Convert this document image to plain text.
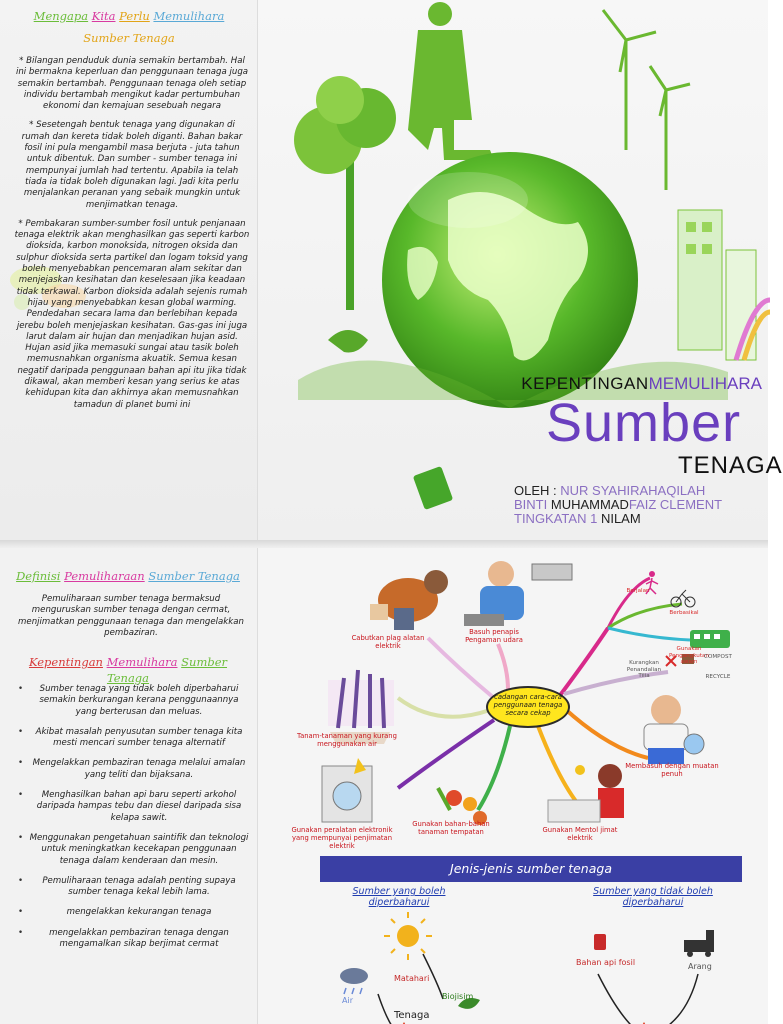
Mengapa Kita Perlu Memulihara
Sumber Tenaga

* Bilangan penduduk dunia semakin bertambah. Hal ini bermakna keperluan dan penggunaan tenaga juga semakin bertambah. Penggunaan tenaga oleh setiap individu bertambah mengikut kadar pertumbuhan ekonomi dan kemajuan sesebuah negara

* Sesetengah bentuk tenaga yang digunakan di rumah dan kereta tidak boleh diganti. Bahan bakar fosil ini pula mengambil masa berjuta - juta tahun untuk dibentuk. Dan sumber - sumber tenaga ini mempunyai jumlah had tertentu. Apabila ia telah tiada ia tidak boleh digunakan lagi. Jadi kita perlu menjalankan peranan yang sebaik mungkin untuk menjimatkan tenaga.

* Pembakaran sumber-sumber fosil untuk penjanaan tenaga elektrik akan menghasilkan gas seperti karbon dioksida, karbon monoksida, nitrogen oksida dan sulphur dioksida serta partikel dan logam toksid yang boleh menyebabkan pencemaran alam sekitar dan menjejaskan kesihatan dan keselesaan jika keadaan tidak terkawal. Karbon dioksida adalah sejenis rumah hijau yang menyebabkan kesan global warming. Pendedahan secara lama dan berlebihan kepada jerebu boleh menjejaskan kesihatan. Gas-gas ini juga larut dalam air hujan dan menjadikan hujan asid. Hujan asid jika memasuki sungai atau tasik boleh memusnahkan organisma akuatik. Semua kesan negatif daripada penggunaan bahan api itu jika tidak dikawal, akan memberi kesan yang serius ke atas kehidupan kita dan akhirnya akan memusnahkan tamadun di planet bumi ini

KEPENTINGANMEMULIHARA
Sumber
TENAGA
OLEH : NUR SYAHIRAHAQILAH
BINTI MUHAMMADFAIZ CLEMENT
TINGKATAN 1 NILAM
Definisi Pemuliharaan Sumber Tenaga

Pemuliharaan sumber tenaga bermaksud menguruskan sumber tenaga dengan cermat, menjimatkan penggunaan tenaga dan mengelakkan pembaziran.

Kepentingan Memulihara Sumber Tenaga
• Sumber tenaga yang tidak boleh diperbaharui semakin berkurangan kerana penggunaannya yang berterusan dan meluas.
• Akibat masalah penyusutan sumber tenaga kita mesti mencari sumber tenaga alternatif
• Mengelakkan pembaziran tenaga melalui amalan yang teliti dan bijaksana.
• Menghasilkan bahan api baru seperti arkohol daripada hampas tebu dan diesel daripada sisa kelapa sawit.
• Menggunakan pengetahuan saintifik dan teknologi untuk meningkatkan kecekapan penggunaan tenaga dalam kenderaan dan mesin.
• Pemuliharaan tenaga adalah penting supaya sumber tenaga kekal lebih lama.
• mengelakkan kekurangan tenaga
• mengelakkan pembaziran tenaga dengan mengamalkan sikap berjimat cermat
cadangan cara-cara penggunaan tenaga secara cekap
Cabutkan plag alatan elektrik
Basuh penapis Pengaman udara
Tanam-tanaman yang kurang menggunakan air
Gunakan peralatan elektronik yang mempunyai penjimatan elektrik
Gunakan bahan-bahan tanaman tempatan	Gunakan Mentol jimat elektrik
Membasuh dengan muatan penuh
Berjalan
Berbasikal
Gunakan Pengangkutan awam
Kurangkan Penandalian Tilia
COMPOST
RECYCLE
Jenis-jenis sumber tenaga
Sumber yang boleh diperbaharui
Sumber yang tidak boleh diperbaharui
Matahari
Biojisim
Air
Tenaga
Bahan api fosil	Arang
